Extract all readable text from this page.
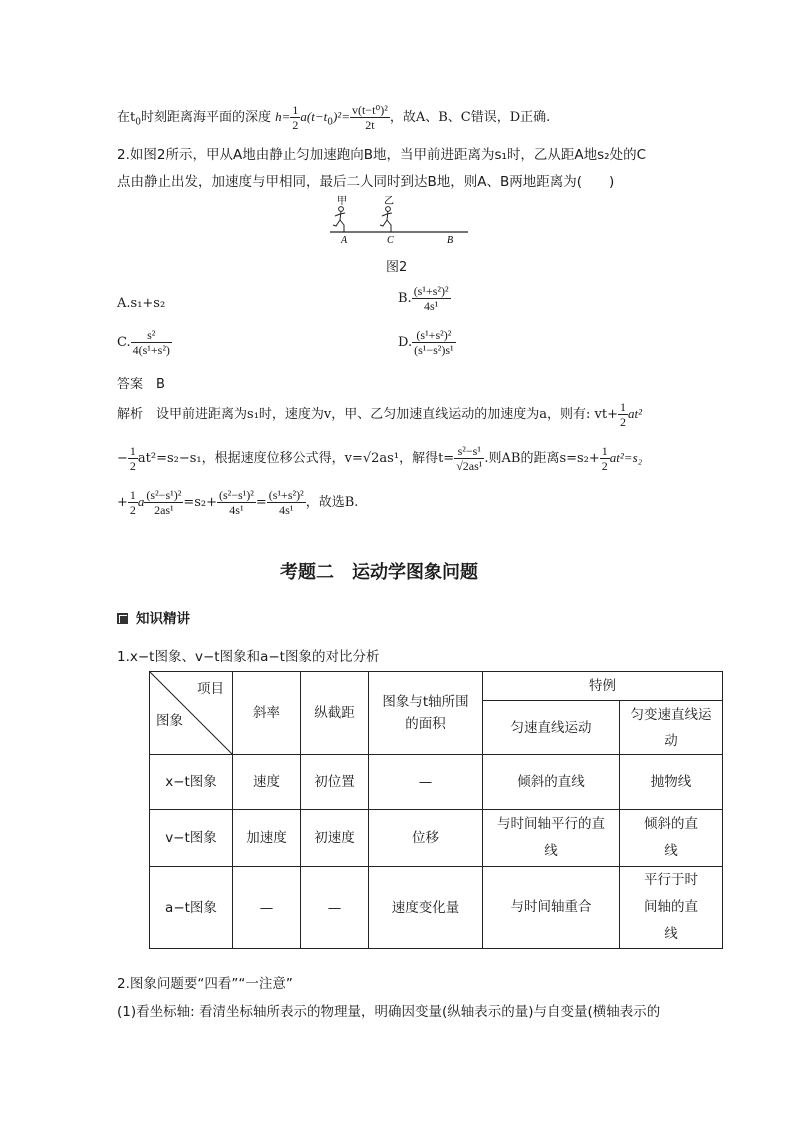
在$t_0$时刻距离海平面的深度 $h= \frac{1}{2} a(t-t_0)^2= \frac{\text{v(t−t⁰)²}}{2t}$ ，故A、B、C错误，D正确.
2.如图2所示，甲从A地由静止匀加速跑向B地，当甲前进距离为s₁时，乙从距A地s₂处的C
点由静止出发，加速度与甲相同，最后二人同时到达B地，则A、B两地距离为(　　)
甲	乙
A	C	B
图2
A.s₁+s₂	B. $\frac{\text{(s¹+s²)²}}{\text{4s¹}}$
C. $\frac{\text{s²}}{\text{4(s¹+s²)}}$	D. $\frac{\text{(s¹+s²)²}}{\text{(s¹−s²)s¹}}$
答案　 B
解析　 设甲前进距离为s₁时，速度为v，甲、乙匀加速直线运动的加速度为a，则有: $vt+ \frac{1}{2} at^2$
− $\frac{1}{2} at^2=s_2-s_1$，根据速度位移公式得，v=√2as¹，解得$t= \frac{\text{s²−s¹}}{\text{√2as¹}}$ .则AB的距离$s=s_2+ \frac{1}{2} at^2=s_2$
+ $\frac{1}{2}$ a $\frac{\text{(s²−s¹)²}}{\text{2as¹}} =s_2+ \frac{\text{(s²−s¹)²}}{\text{4s¹}} = \frac{\text{(s¹+s²)²}}{\text{4s¹}}$ ，故选B.
考题二　运动学图象问题
知识精讲
1.x−t图象、v−t图象和a−t图象的对比分析
项目
图象	斜率	纵截距	图象与t轴所围的面积	特例	
				匀速直线运动	匀变速直线运动
x−t图象	速度	初位置	—	倾斜的直线	抛物线
v−t图象	加速度	初速度	位移	与时间轴平行的直线	倾斜的直线
a−t图象	—	—	速度变化量	与时间轴重合	平行于时间轴的直线
2.图象问题要“四看”“一注意”
(1)看坐标轴: 看清坐标轴所表示的物理量，明确因变量(纵轴表示的量)与自变量(横轴表示的
